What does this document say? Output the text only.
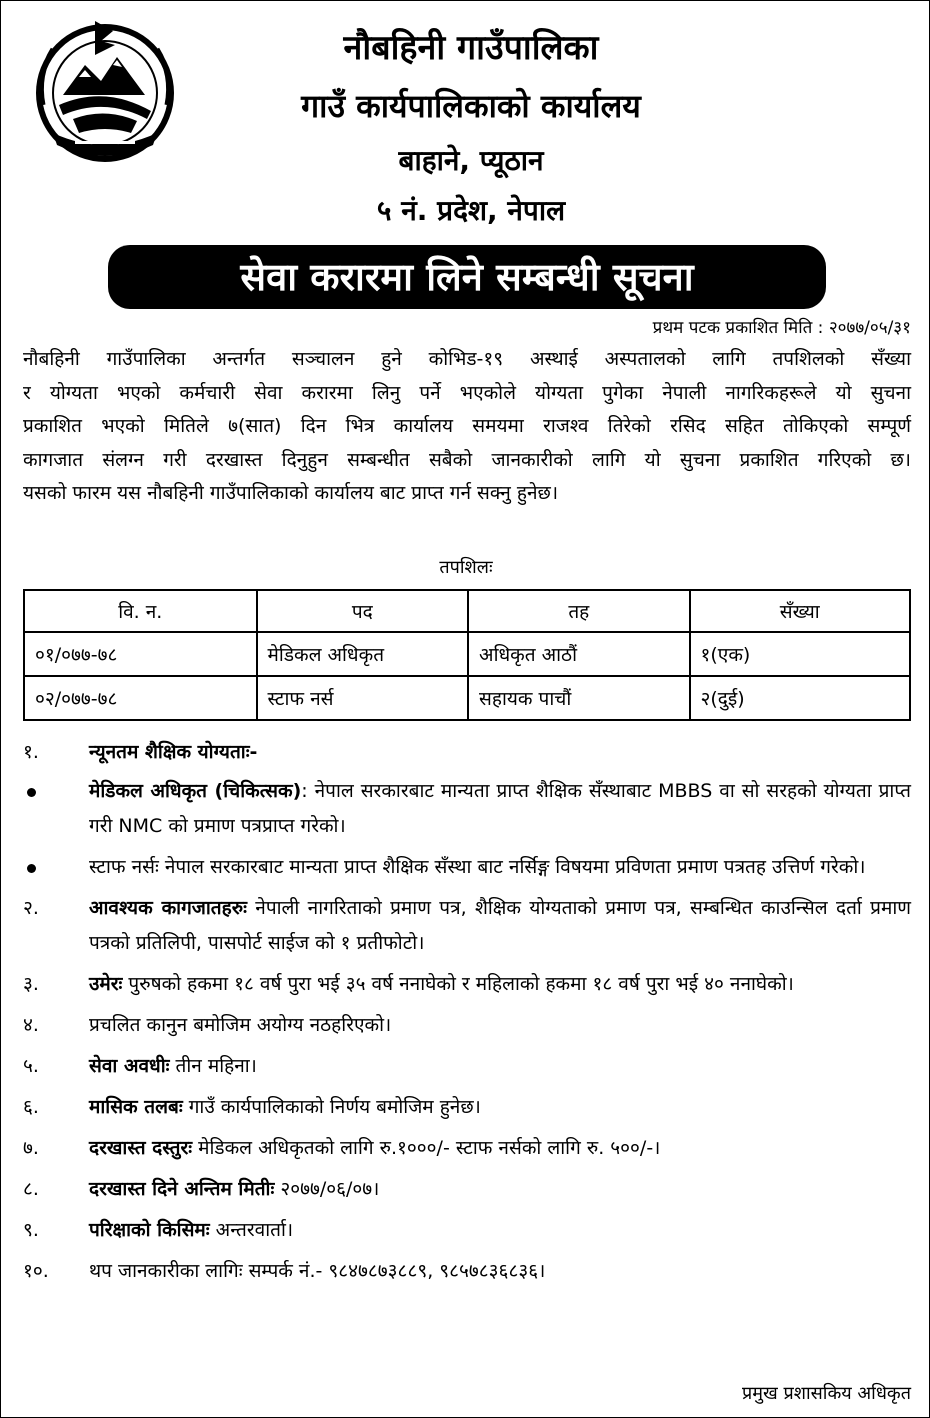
नौबहिनी गाउँपालिका
गाउँ कार्यपालिकाको कार्यालय
बाहाने, प्यूठान
५ नं. प्रदेश, नेपाल
सेवा करारमा लिने सम्बन्धी सूचना
प्रथम पटक प्रकाशित मिति : २०७७/०५/३१
नौबहिनी गाउँपालिका अन्तर्गत सञ्चालन हुने कोभिड-१९ अस्थाई अस्पतालको लागि तपशिलको सँख्या
र योग्यता भएको कर्मचारी सेवा करारमा लिनु पर्ने भएकोले योग्यता पुगेका नेपाली नागरिकहरूले यो सुचना
प्रकाशित भएको मितिले ७(सात) दिन भित्र कार्यालय समयमा राजश्व तिरेको रसिद सहित तोकिएको सम्पूर्ण
कागजात संलग्न गरी दरखास्त दिनुहुन सम्बन्धीत सबैको जानकारीको लागि यो सुचना प्रकाशित गरिएको छ।
यसको फारम यस नौबहिनी गाउँपालिकाको कार्यालय बाट प्राप्त गर्न सक्नु हुनेछ।
तपशिलः
वि. न.	पद	तह	सँख्या
०१/०७७-७८	मेडिकल अधिकृत	अधिकृत आठौं	१(एक)
०२/०७७-७८	स्टाफ नर्स	सहायक पाचौं	२(दुई)
१.	न्यूनतम शैक्षिक योग्यताः-
मेडिकल अधिकृत (चिकित्सक): नेपाल सरकारबाट मान्यता प्राप्त शैक्षिक सँस्थाबाट MBBS वा सो सरहको योग्यता प्राप्त गरी NMC को प्रमाण पत्रप्राप्त गरेको।
स्टाफ नर्सः नेपाल सरकारबाट मान्यता प्राप्त शैक्षिक सँस्था बाट नर्सिङ्ग विषयमा प्रविणता प्रमाण पत्रतह उत्तिर्ण गरेको।
२.	आवश्यक कागजातहरुः नेपाली नागरिताको प्रमाण पत्र, शैक्षिक योग्यताको प्रमाण पत्र, सम्बन्धित काउन्सिल दर्ता प्रमाण पत्रको प्रतिलिपी, पासपोर्ट साईज को १ प्रतीफोटो।
३.	उमेरः पुरुषको हकमा १८ वर्ष पुरा भई ३५ वर्ष ननाघेको र महिलाको हकमा १८ वर्ष पुरा भई ४० ननाघेको।
४.	प्रचलित कानुन बमोजिम अयोग्य नठहरिएको।
५.	सेवा अवधीः तीन महिना।
६.	मासिक तलबः गाउँ कार्यपालिकाको निर्णय बमोजिम हुनेछ।
७.	दरखास्त दस्तुरः मेडिकल अधिकृतको लागि रु.१०००/- स्टाफ नर्सको लागि रु. ५००/-।
८.	दरखास्त दिने अन्तिम मितीः २०७७/०६/०७।
९.	परिक्षाको किसिमः अन्तरवार्ता।
१०.	थप जानकारीका लागिः सम्पर्क नं.- ९८४७८७३८८९, ९८५७८३६८३६।
प्रमुख प्रशासकिय अधिकृत
